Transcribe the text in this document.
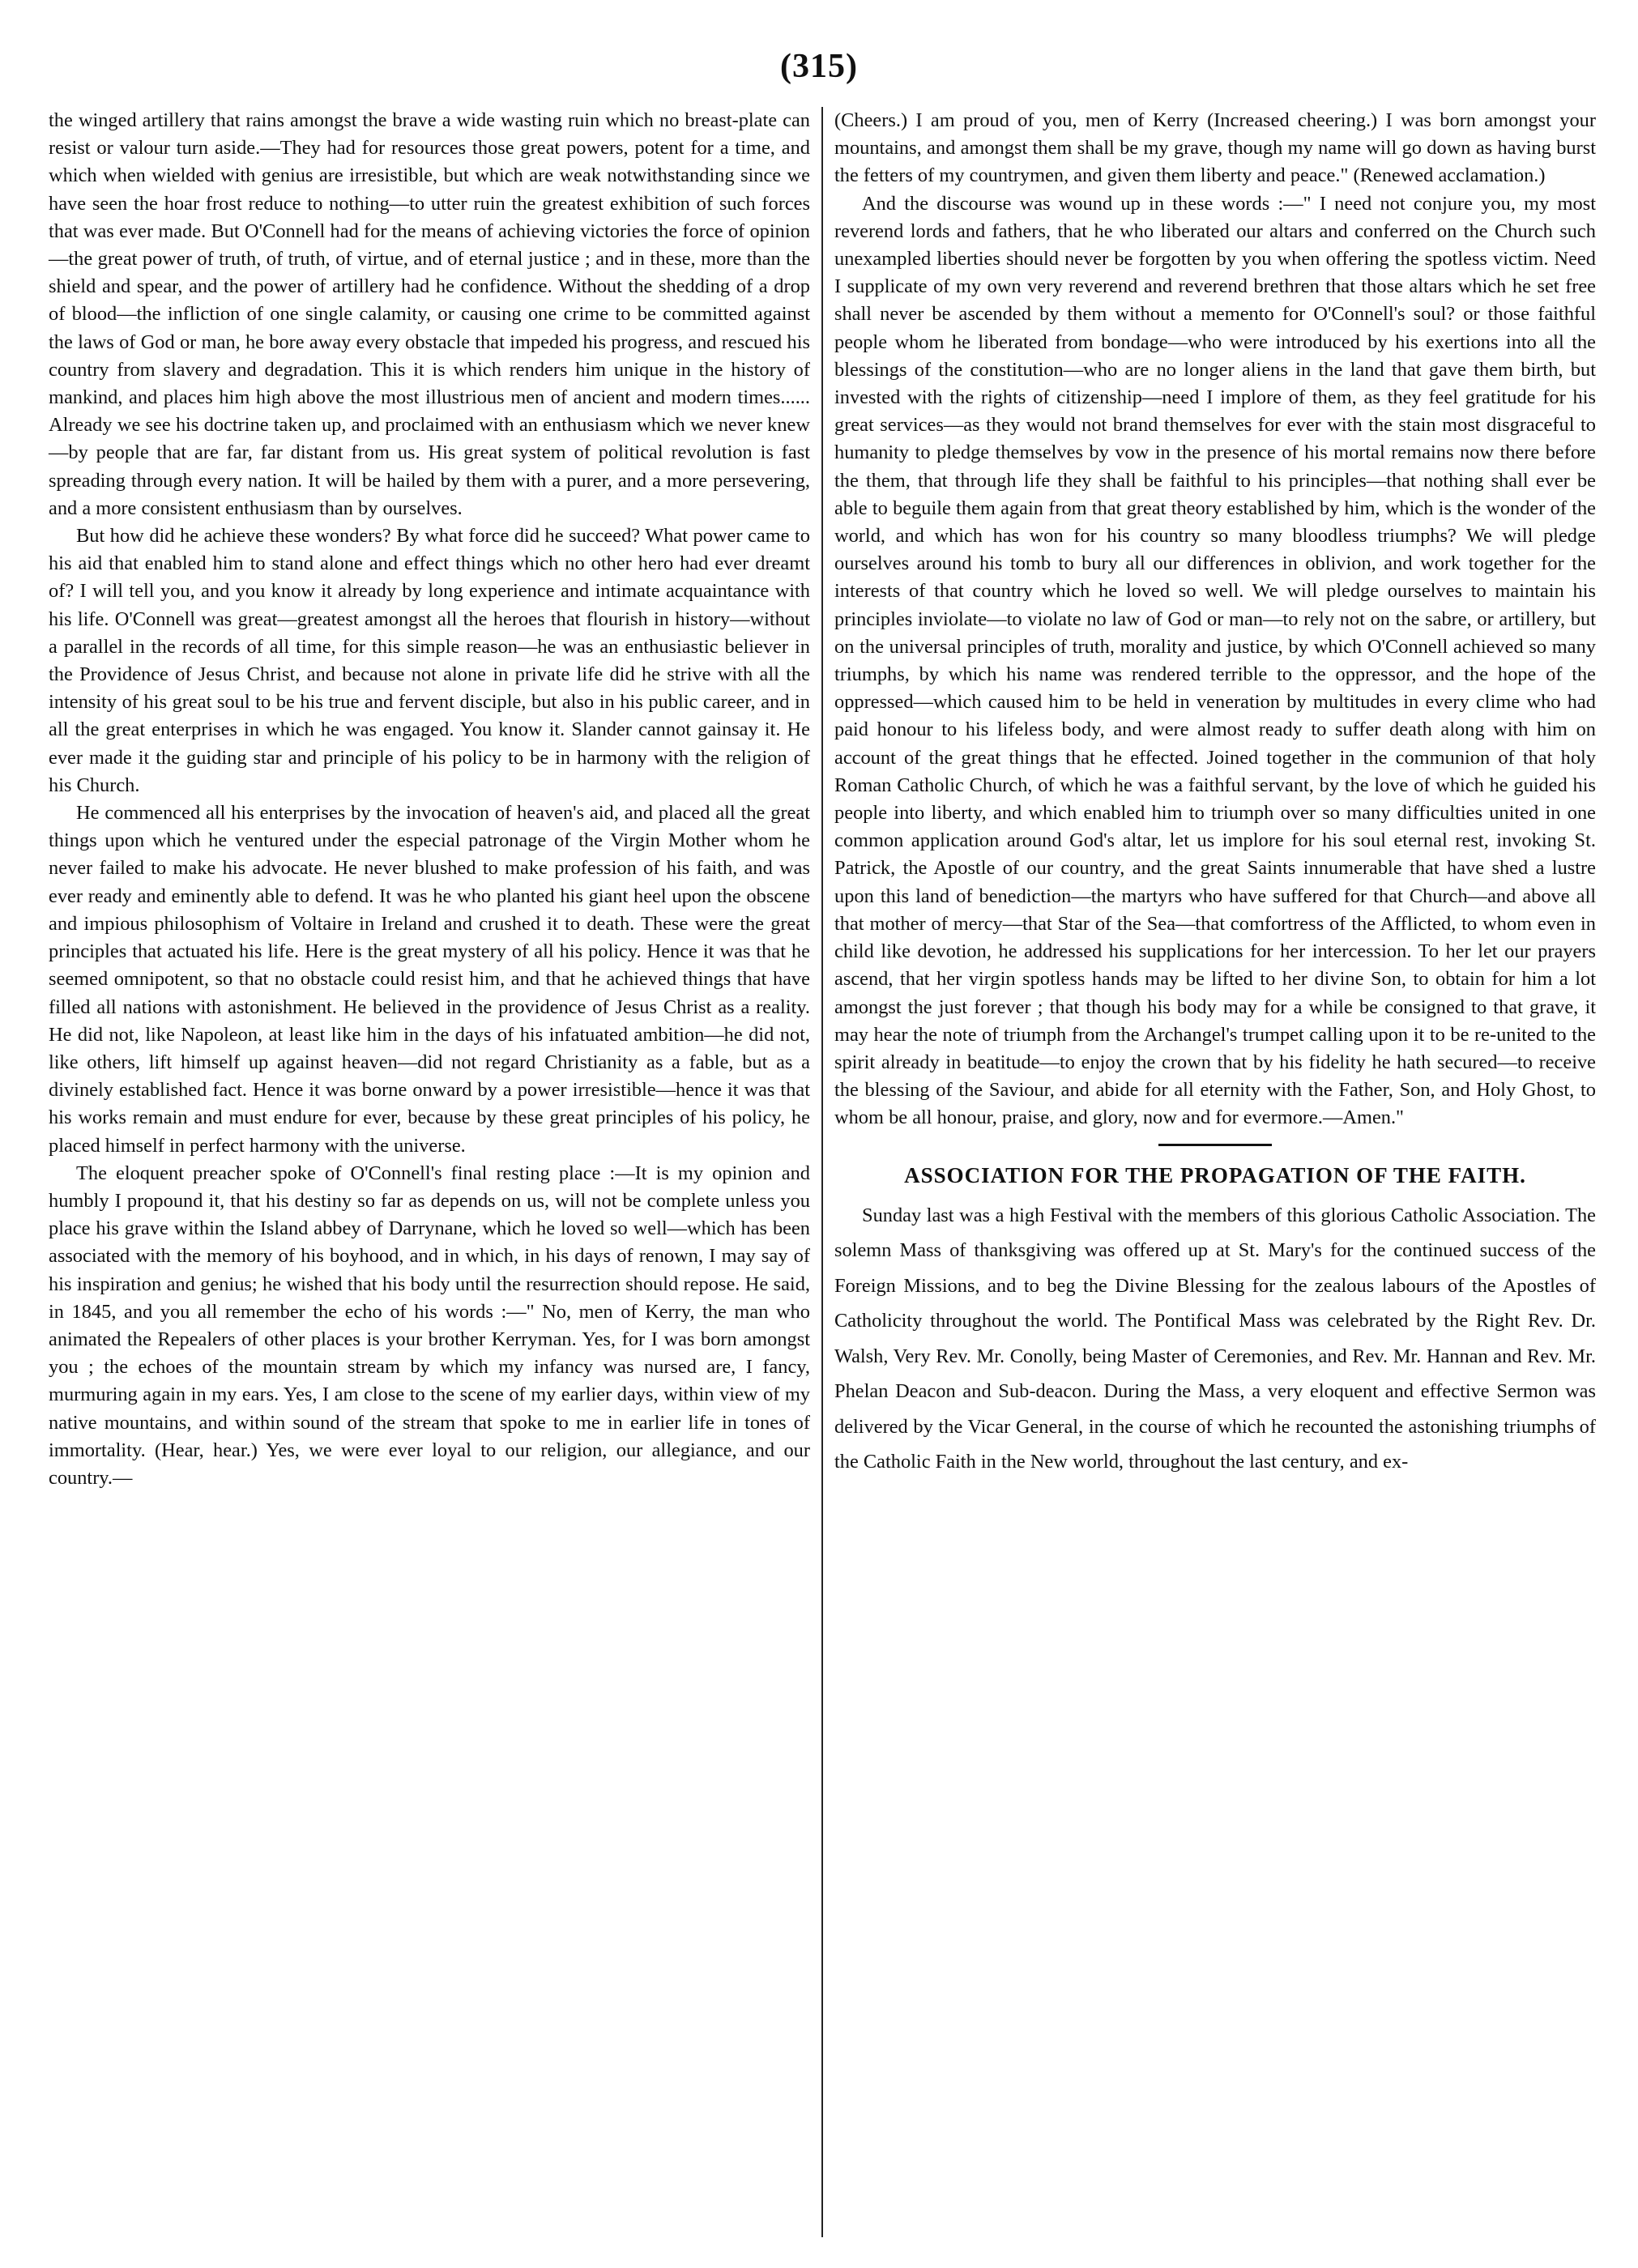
(315)

the winged artillery that rains amongst the brave a wide wasting ruin which no breast-plate can resist or valour turn aside.—They had for resources those great powers, potent for a time, and which when wielded with genius are irresistible, but which are weak notwithstanding since we have seen the hoar frost reduce to nothing—to utter ruin the greatest exhibition of such forces that was ever made. But O'Connell had for the means of achieving victories the force of opinion—the great power of truth, of truth, of virtue, and of eternal justice ; and in these, more than the shield and spear, and the power of artillery had he confidence. Without the shedding of a drop of blood—the infliction of one single calamity, or causing one crime to be committed against the laws of God or man, he bore away every obstacle that impeded his progress, and rescued his country from slavery and degradation. This it is which renders him unique in the history of mankind, and places him high above the most illustrious men of ancient and modern times...... Already we see his doctrine taken up, and proclaimed with an enthusiasm which we never knew—by people that are far, far distant from us. His great system of political revolution is fast spreading through every nation. It will be hailed by them with a purer, and a more persevering, and a more consistent enthusiasm than by ourselves.

But how did he achieve these wonders? By what force did he succeed? What power came to his aid that enabled him to stand alone and effect things which no other hero had ever dreamt of? I will tell you, and you know it already by long experience and intimate acquaintance with his life. O'Connell was great—greatest amongst all the heroes that flourish in history—without a parallel in the records of all time, for this simple reason—he was an enthusiastic believer in the Providence of Jesus Christ, and because not alone in private life did he strive with all the intensity of his great soul to be his true and fervent disciple, but also in his public career, and in all the great enterprises in which he was engaged. You know it. Slander cannot gainsay it. He ever made it the guiding star and principle of his policy to be in harmony with the religion of his Church.

He commenced all his enterprises by the invocation of heaven's aid, and placed all the great things upon which he ventured under the especial patronage of the Virgin Mother whom he never failed to make his advocate. He never blushed to make profession of his faith, and was ever ready and eminently able to defend. It was he who planted his giant heel upon the obscene and impious philosophism of Voltaire in Ireland and crushed it to death. These were the great principles that actuated his life. Here is the great mystery of all his policy. Hence it was that he seemed omnipotent, so that no obstacle could resist him, and that he achieved things that have filled all nations with astonishment. He believed in the providence of Jesus Christ as a reality. He did not, like Napoleon, at least like him in the days of his infatuated ambition—he did not, like others, lift himself up against heaven—did not regard Christianity as a fable, but as a divinely established fact. Hence it was borne onward by a power irresistible—hence it was that his works remain and must endure for ever, because by these great principles of his policy, he placed himself in perfect harmony with the universe.

The eloquent preacher spoke of O'Connell's final resting place :—It is my opinion and humbly I propound it, that his destiny so far as depends on us, will not be complete unless you place his grave within the Island abbey of Darrynane, which he loved so well—which has been associated with the memory of his boyhood, and in which, in his days of renown, I may say of his inspiration and genius; he wished that his body until the resurrection should repose. He said, in 1845, and you all remember the echo of his words :—" No, men of Kerry, the man who animated the Repealers of other places is your brother Kerryman. Yes, for I was born amongst you ; the echoes of the mountain stream by which my infancy was nursed are, I fancy, murmuring again in my ears. Yes, I am close to the scene of my earlier days, within view of my native mountains, and within sound of the stream that spoke to me in earlier life in tones of immortality. (Hear, hear.) Yes, we were ever loyal to our religion, our allegiance, and our country.—

(Cheers.) I am proud of you, men of Kerry (Increased cheering.) I was born amongst your mountains, and amongst them shall be my grave, though my name will go down as having burst the fetters of my countrymen, and given them liberty and peace." (Renewed acclamation.)

And the discourse was wound up in these words :—" I need not conjure you, my most reverend lords and fathers, that he who liberated our altars and conferred on the Church such unexampled liberties should never be forgotten by you when offering the spotless victim. Need I supplicate of my own very reverend and reverend brethren that those altars which he set free shall never be ascended by them without a memento for O'Connell's soul? or those faithful people whom he liberated from bondage—who were introduced by his exertions into all the blessings of the constitution—who are no longer aliens in the land that gave them birth, but invested with the rights of citizenship—need I implore of them, as they feel gratitude for his great services—as they would not brand themselves for ever with the stain most disgraceful to humanity to pledge themselves by vow in the presence of his mortal remains now there before the them, that through life they shall be faithful to his principles—that nothing shall ever be able to beguile them again from that great theory established by him, which is the wonder of the world, and which has won for his country so many bloodless triumphs? We will pledge ourselves around his tomb to bury all our differences in oblivion, and work together for the interests of that country which he loved so well. We will pledge ourselves to maintain his principles inviolate—to violate no law of God or man—to rely not on the sabre, or artillery, but on the universal principles of truth, morality and justice, by which O'Connell achieved so many triumphs, by which his name was rendered terrible to the oppressor, and the hope of the oppressed—which caused him to be held in veneration by multitudes in every clime who had paid honour to his lifeless body, and were almost ready to suffer death along with him on account of the great things that he effected. Joined together in the communion of that holy Roman Catholic Church, of which he was a faithful servant, by the love of which he guided his people into liberty, and which enabled him to triumph over so many difficulties united in one common application around God's altar, let us implore for his soul eternal rest, invoking St. Patrick, the Apostle of our country, and the great Saints innumerable that have shed a lustre upon this land of benediction—the martyrs who have suffered for that Church—and above all that mother of mercy—that Star of the Sea—that comfortress of the Afflicted, to whom even in child like devotion, he addressed his supplications for her intercession. To her let our prayers ascend, that her virgin spotless hands may be lifted to her divine Son, to obtain for him a lot amongst the just forever ; that though his body may for a while be consigned to that grave, it may hear the note of triumph from the Archangel's trumpet calling upon it to be re-united to the spirit already in beatitude—to enjoy the crown that by his fidelity he hath secured—to receive the blessing of the Saviour, and abide for all eternity with the Father, Son, and Holy Ghost, to whom be all honour, praise, and glory, now and for evermore.—Amen."

ASSOCIATION FOR THE PROPAGATION OF THE FAITH.

Sunday last was a high Festival with the members of this glorious Catholic Association. The solemn Mass of thanksgiving was offered up at St. Mary's for the continued success of the Foreign Missions, and to beg the Divine Blessing for the zealous labours of the Apostles of Catholicity throughout the world. The Pontifical Mass was celebrated by the Right Rev. Dr. Walsh, Very Rev. Mr. Conolly, being Master of Ceremonies, and Rev. Mr. Hannan and Rev. Mr. Phelan Deacon and Sub-deacon. During the Mass, a very eloquent and effective Sermon was delivered by the Vicar General, in the course of which he recounted the astonishing triumphs of the Catholic Faith in the New world, throughout the last century, and ex-
